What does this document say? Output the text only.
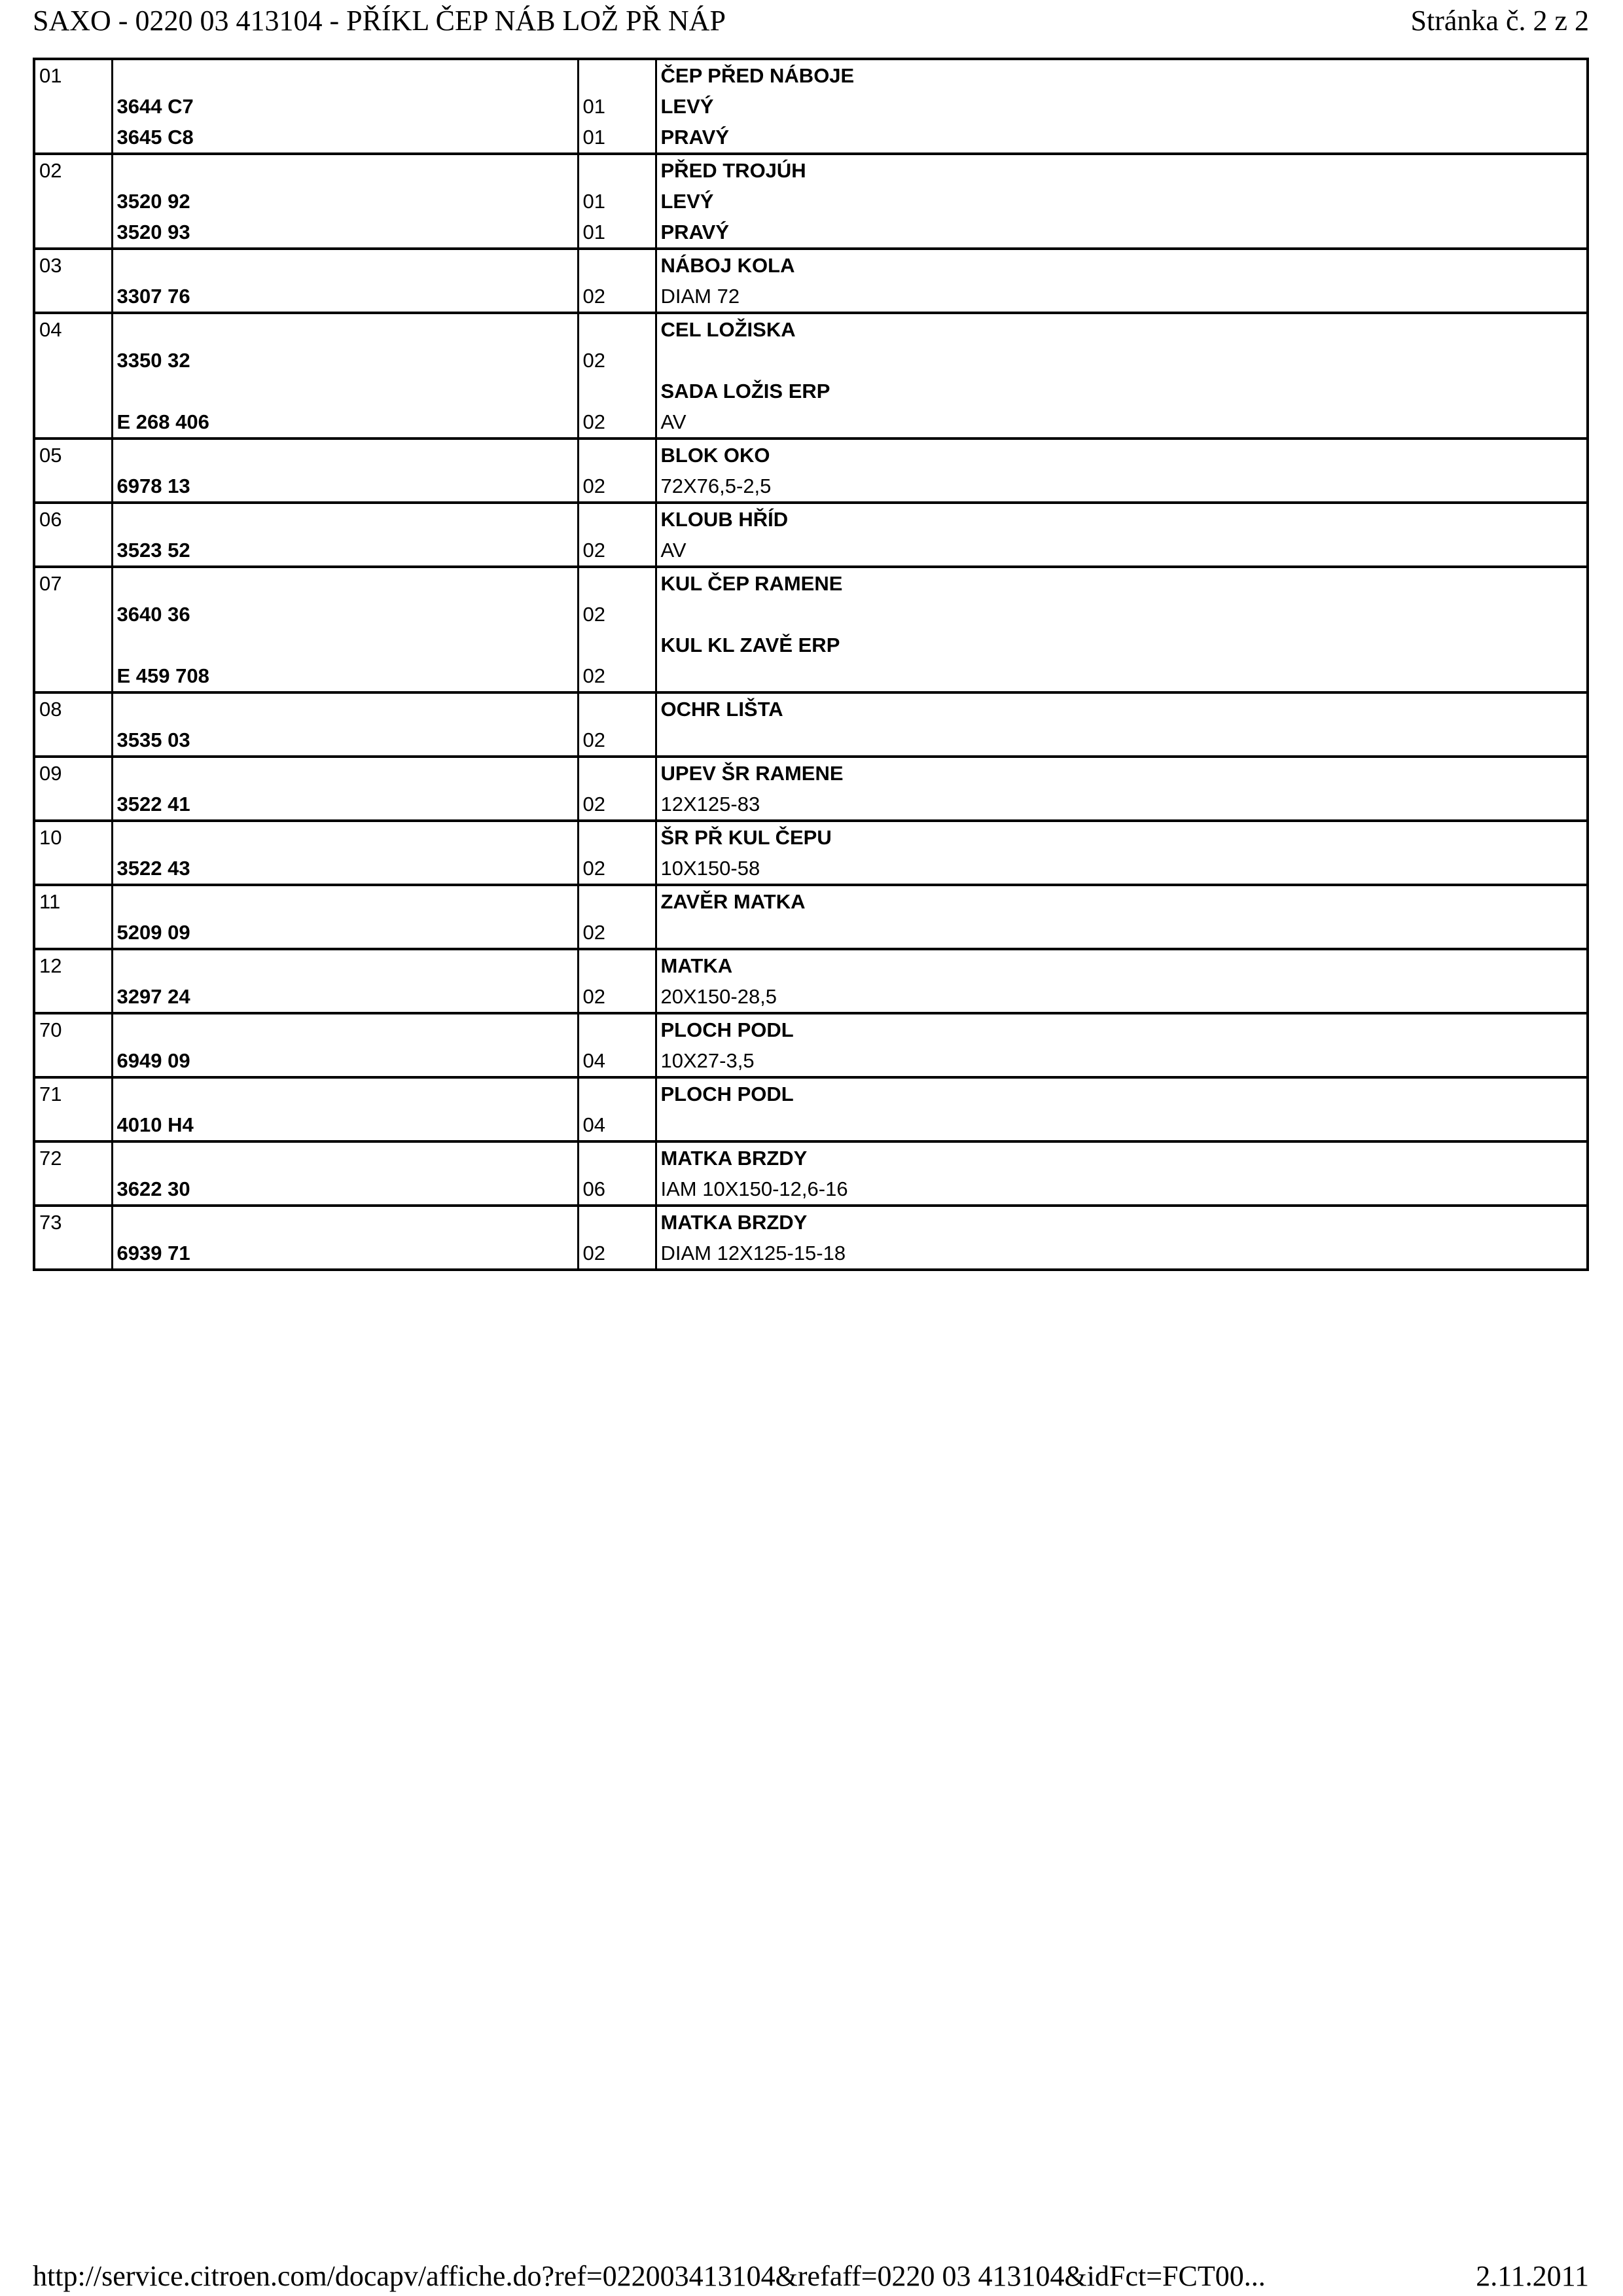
SAXO - 0220 03 413104 - PŘÍKL ČEP NÁB LOŽ PŘ NÁP	Stránka č. 2 z 2
01			ČEP PŘED NÁBOJE
	3644 C7	01	LEVÝ
	3645 C8	01	PRAVÝ
02			PŘED TROJÚH
	3520 92	01	LEVÝ
	3520 93	01	PRAVÝ
03			NÁBOJ KOLA
	3307 76	02	DIAM 72
04			CEL LOŽISKA
	3350 32	02	
			SADA LOŽIS ERP
	E 268 406	02	AV
05			BLOK OKO
	6978 13	02	72X76,5-2,5
06			KLOUB HŘÍD
	3523 52	02	AV
07			KUL ČEP RAMENE
	3640 36	02	
			KUL KL ZAVĚ ERP
	E 459 708	02	
08			OCHR LIŠTA
	3535 03	02	
09			UPEV ŠR RAMENE
	3522 41	02	12X125-83
10			ŠR PŘ KUL ČEPU
	3522 43	02	10X150-58
11			ZAVĚR MATKA
	5209 09	02	
12			MATKA
	3297 24	02	20X150-28,5
70			PLOCH PODL
	6949 09	04	10X27-3,5
71			PLOCH PODL
	4010 H4	04	
72			MATKA BRZDY
	3622 30	06	IAM 10X150-12,6-16
73			MATKA BRZDY
	6939 71	02	DIAM 12X125-15-18
http://service.citroen.com/docapv/affiche.do?ref=022003413104&refaff=0220 03 413104&idFct=FCT00...	2.11.2011
